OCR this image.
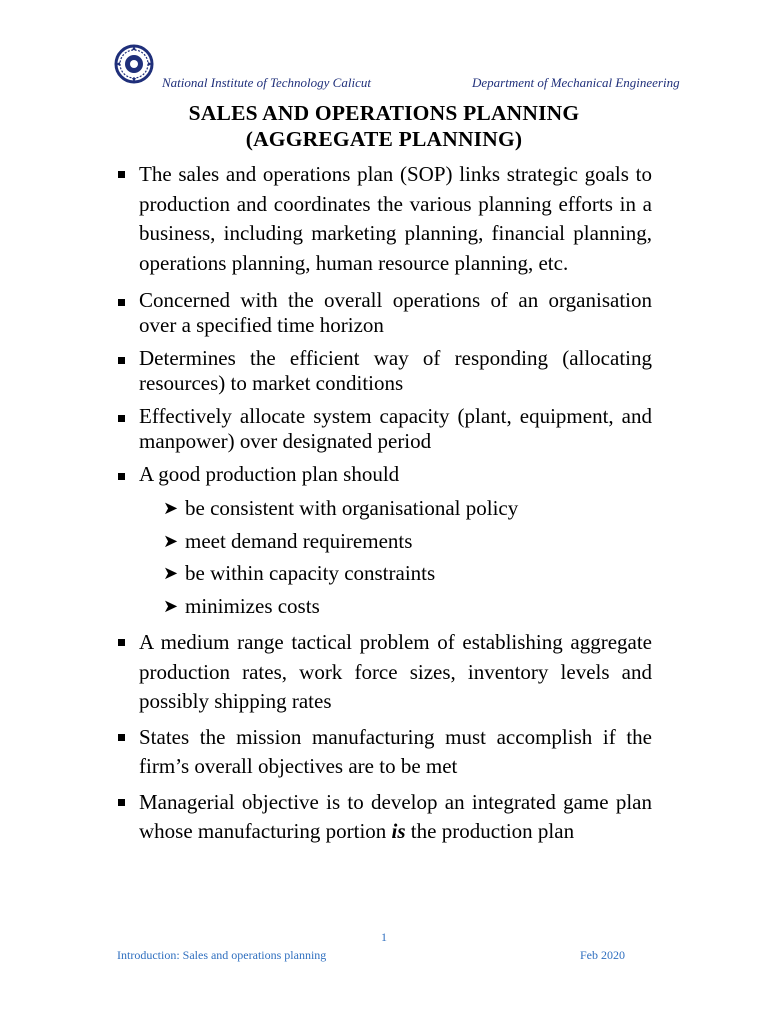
National Institute of Technology Calicut	Department of Mechanical Engineering
SALES AND OPERATIONS PLANNING
(AGGREGATE PLANNING)
The sales and operations plan (SOP) links strategic goals to production and coordinates the various planning efforts in a business, including marketing planning, financial planning, operations planning, human resource planning, etc.
Concerned with the overall operations of an organisation over a specified time horizon
Determines the efficient way of responding (allocating resources) to market conditions
Effectively allocate system capacity (plant, equipment, and manpower) over designated period
A good production plan should
➤ be consistent with organisational policy
➤ meet demand requirements
➤ be within capacity constraints
➤ minimizes costs
A medium range tactical problem of establishing aggregate production rates, work force sizes, inventory levels and possibly shipping rates
States the mission manufacturing must accomplish if the firm’s overall objectives are to be met
Managerial objective is to develop an integrated game plan whose manufacturing portion is the production plan
1
Introduction: Sales and operations planning	Feb 2020
